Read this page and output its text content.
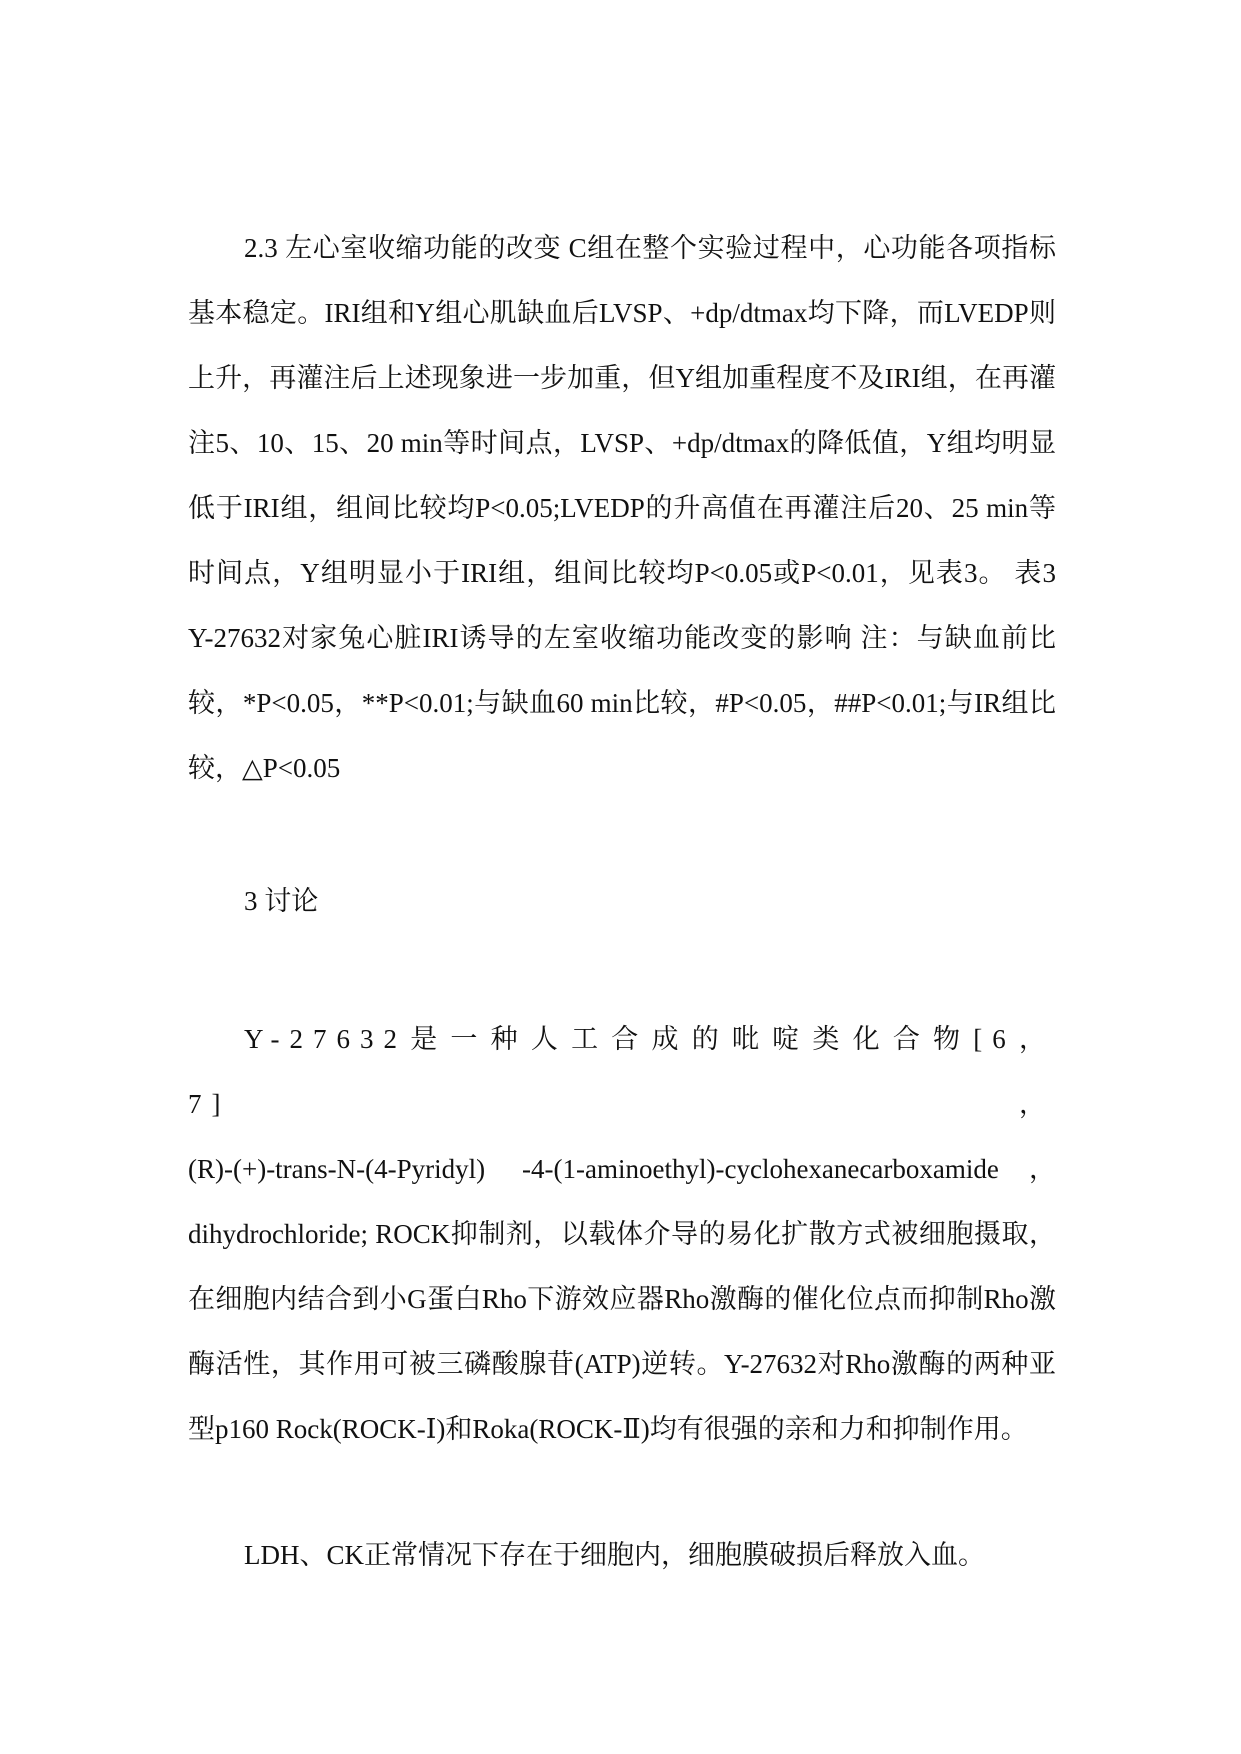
2.3 左心室收缩功能的改变 C组在整个实验过程中，心功能各项指标基本稳定。IRI组和Y组心肌缺血后LVSP、+dp/dtmax均下降，而LVEDP则上升，再灌注后上述现象进一步加重，但Y组加重程度不及IRI组，在再灌注5、10、15、20 min等时间点，LVSP、+dp/dtmax的降低值，Y组均明显低于IRI组，组间比较均P<0.05;LVEDP的升高值在再灌注后20、25 min等时间点，Y组明显小于IRI组，组间比较均P<0.05或P<0.01，见表3。 表3 Y-27632对家兔心脏IRI诱导的左室收缩功能改变的影响 注：与缺血前比较，*P<0.05，**P<0.01;与缺血60 min比较，#P<0.05，##P<0.01;与IR组比较，△P<0.05

3 讨论

Y-27632是一种人工合成的吡啶类化合物[6，7]，
(R)-(+)-trans-N-(4-Pyridyl) -4-(1-aminoethyl)-cyclohexanecarboxamide，dihydrochloride; ROCK抑制剂，以载体介导的易化扩散方式被细胞摄取，在细胞内结合到小G蛋白Rho下游效应器Rho激酶的催化位点而抑制Rho激酶活性，其作用可被三磷酸腺苷(ATP)逆转。Y-27632对Rho激酶的两种亚型p160 Rock(ROCK-Ⅰ)和Roka(ROCK-Ⅱ)均有很强的亲和力和抑制作用。

LDH、CK正常情况下存在于细胞内，细胞膜破损后释放入血。
